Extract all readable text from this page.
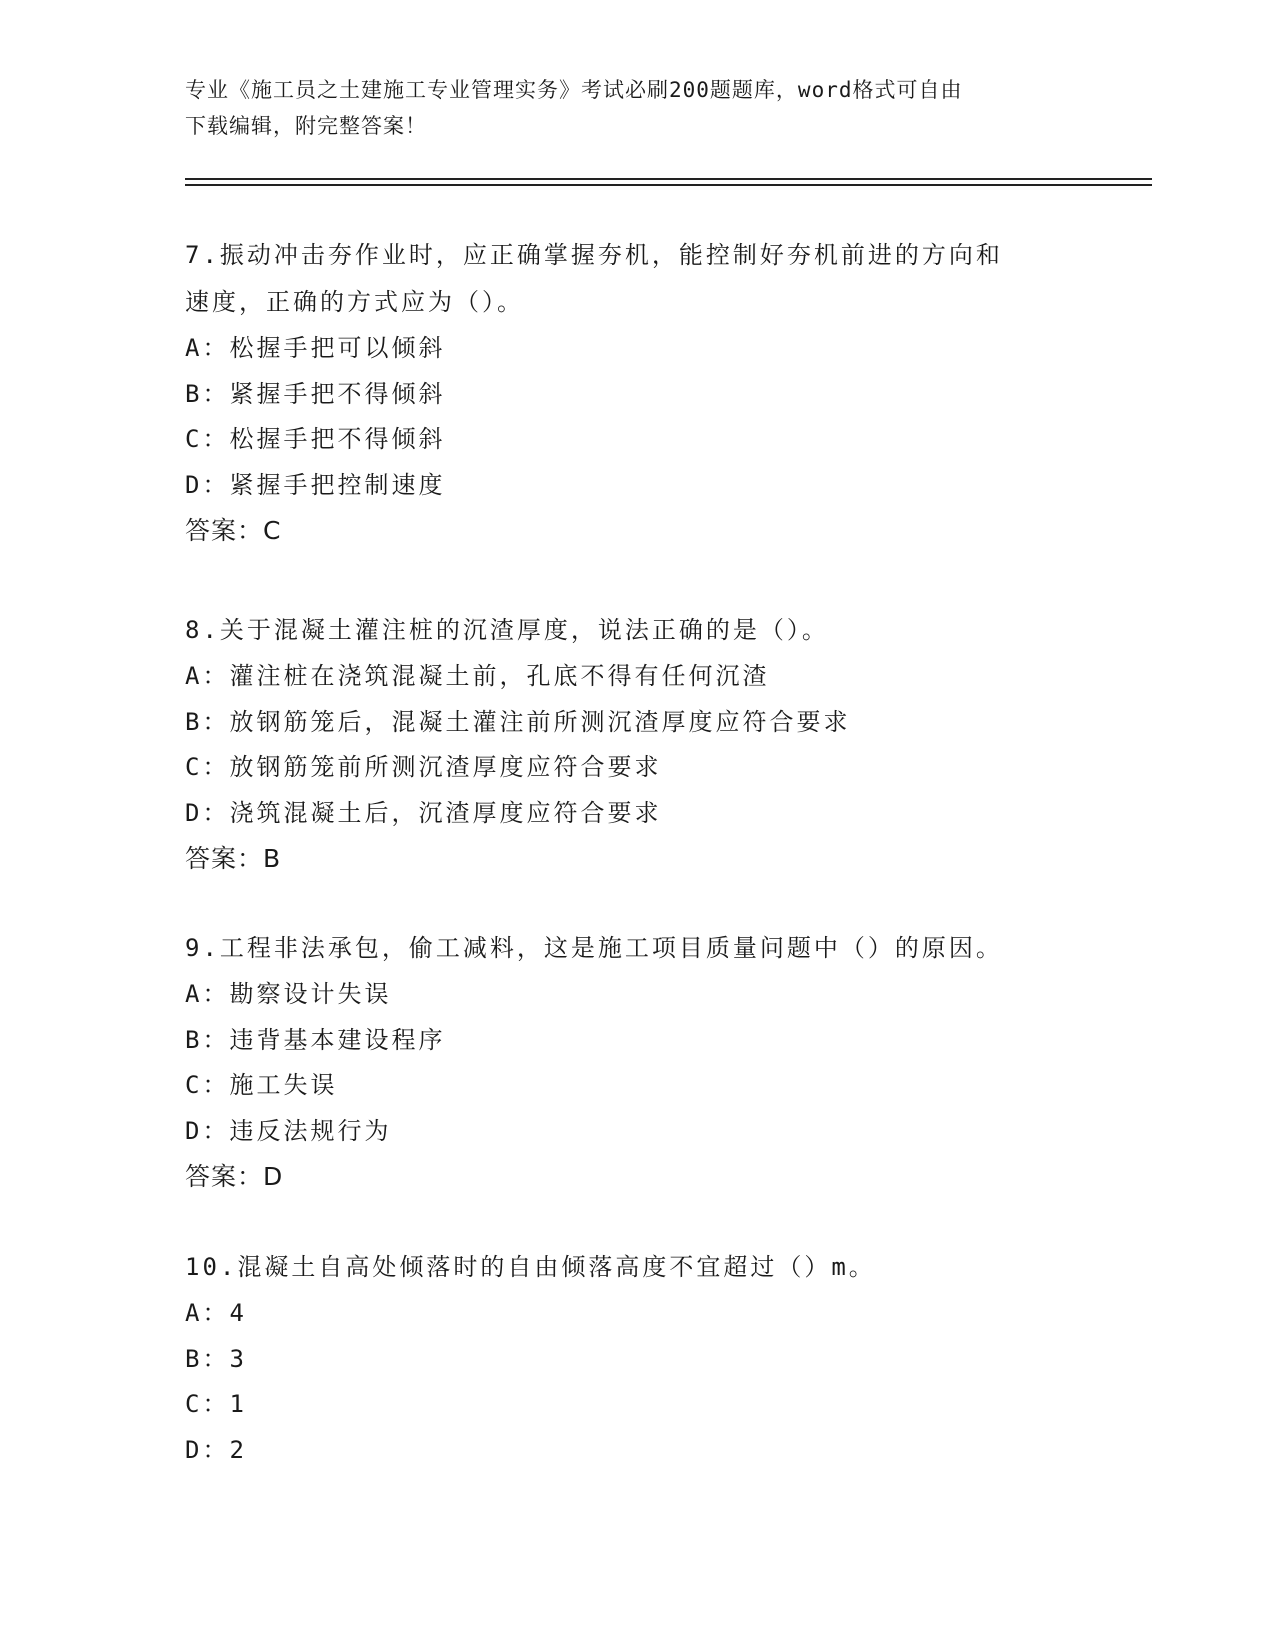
专业《施工员之土建施工专业管理实务》考试必刷200题题库，word格式可自由
下载编辑，附完整答案！

7.振动冲击夯作业时，应正确掌握夯机，能控制好夯机前进的方向和

速度，正确的方式应为（）。

A：松握手把可以倾斜

B：紧握手把不得倾斜

C：松握手把不得倾斜

D：紧握手把控制速度

答案：C

8.关于混凝土灌注桩的沉渣厚度，说法正确的是（）。

A：灌注桩在浇筑混凝土前，孔底不得有任何沉渣

B：放钢筋笼后，混凝土灌注前所测沉渣厚度应符合要求

C：放钢筋笼前所测沉渣厚度应符合要求

D：浇筑混凝土后，沉渣厚度应符合要求

答案：B

9.工程非法承包，偷工减料，这是施工项目质量问题中（）的原因。

A：勘察设计失误

B：违背基本建设程序

C：施工失误

D：违反法规行为

答案：D

10.混凝土自高处倾落时的自由倾落高度不宜超过（）m。

A：4

B：3

C：1

D：2
